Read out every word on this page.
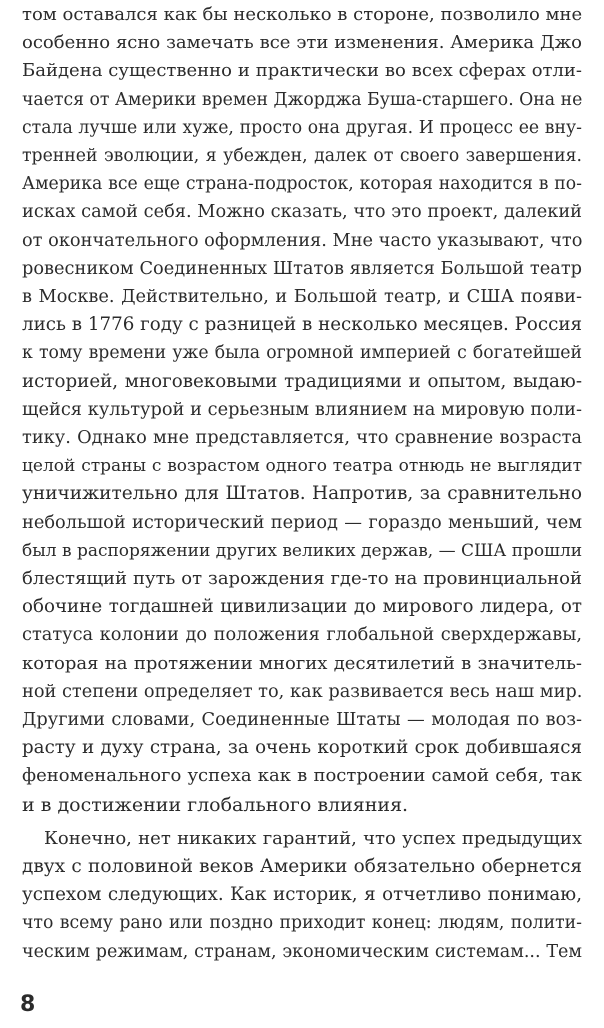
том оставался как бы несколько в стороне, позволило мне
особенно ясно замечать все эти изменения. Америка Джо
Байдена существенно и практически во всех сферах отли-
чается от Америки времен Джорджа Буша-старшего. Она не
стала лучше или хуже, просто она другая. И процесс ее вну-
тренней эволюции, я убежден, далек от своего завершения.
Америка все еще страна-подросток, которая находится в по-
исках самой себя. Можно сказать, что это проект, далекий
от окончательного оформления. Мне часто указывают, что
ровесником Соединенных Штатов является Большой театр
в Москве. Действительно, и Большой театр, и США появи-
лись в 1776 году с разницей в несколько месяцев. Россия
к тому времени уже была огромной империей с богатейшей
историей, многовековыми традициями и опытом, выдаю-
щейся культурой и серьезным влиянием на мировую поли-
тику. Однако мне представляется, что сравнение возраста
целой страны с возрастом одного театра отнюдь не выглядит
уничижительно для Штатов. Напротив, за сравнительно
небольшой исторический период — гораздо меньший, чем
был в распоряжении других великих держав, — США прошли
блестящий путь от зарождения где-то на провинциальной
обочине тогдашней цивилизации до мирового лидера, от
статуса колонии до положения глобальной сверхдержавы,
которая на протяжении многих десятилетий в значитель-
ной степени определяет то, как развивается весь наш мир.
Другими словами, Соединенные Штаты — молодая по воз-
расту и духу страна, за очень короткий срок добившаяся
феноменального успеха как в построении самой себя, так
и в достижении глобального влияния.
Конечно, нет никаких гарантий, что успех предыдущих
двух с половиной веков Америки обязательно обернется
успехом следующих. Как историк, я отчетливо понимаю,
что всему рано или поздно приходит конец: людям, полити-
ческим режимам, странам, экономическим системам... Тем
8
